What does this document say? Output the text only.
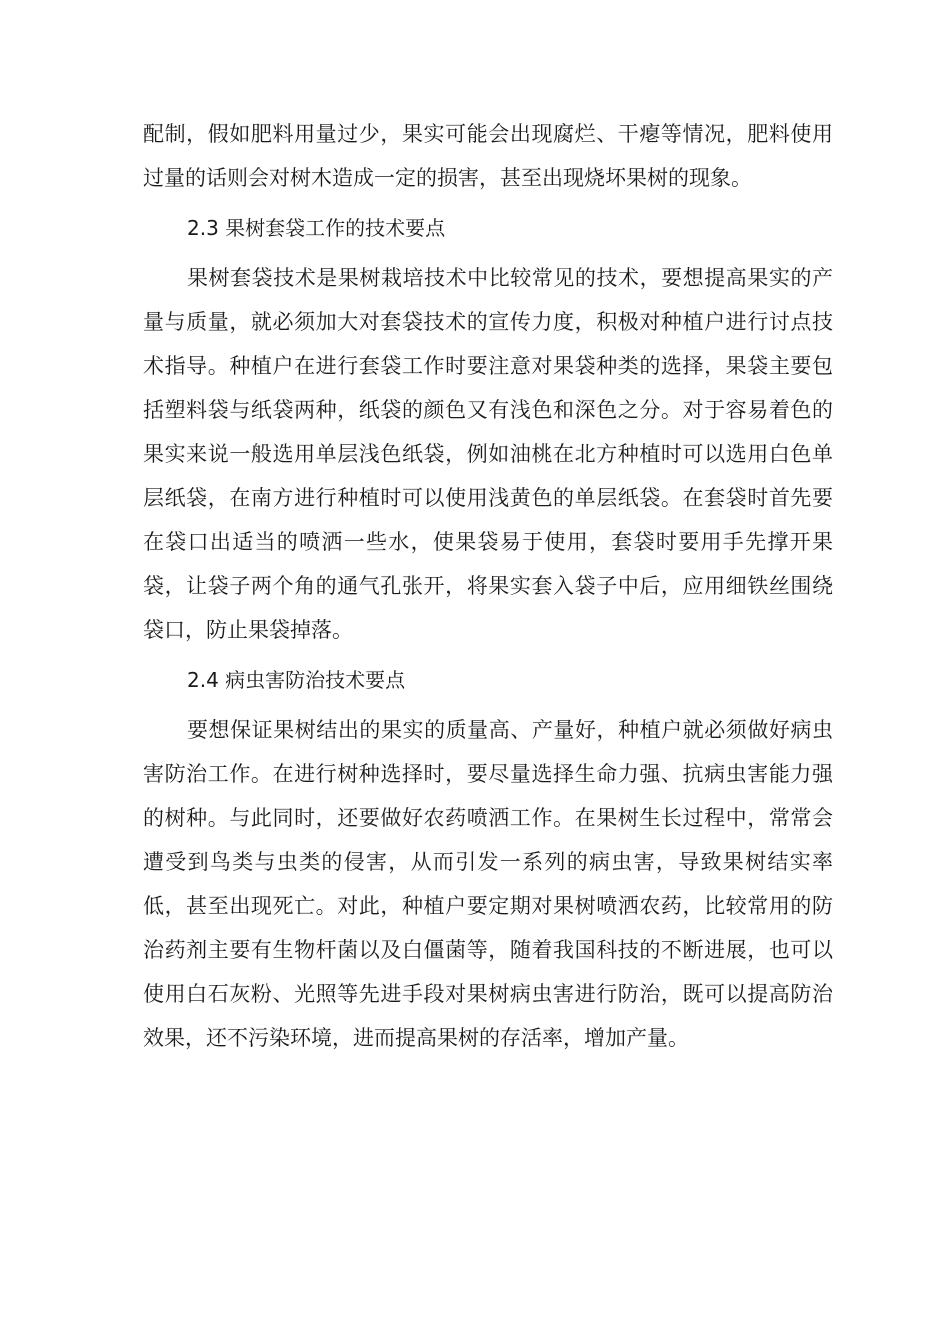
配制，假如肥料用量过少，果实可能会出现腐烂、干瘪等情况，肥料使用过量的话则会对树木造成一定的损害，甚至出现烧坏果树的现象。

2.3 果树套袋工作的技术要点

果树套袋技术是果树栽培技术中比较常见的技术，要想提高果实的产量与质量，就必须加大对套袋技术的宣传力度，积极对种植户进行讨点技术指导。种植户在进行套袋工作时要注意对果袋种类的选择，果袋主要包括塑料袋与纸袋两种，纸袋的颜色又有浅色和深色之分。对于容易着色的果实来说一般选用单层浅色纸袋，例如油桃在北方种植时可以选用白色单层纸袋，在南方进行种植时可以使用浅黄色的单层纸袋。在套袋时首先要在袋口出适当的喷洒一些水，使果袋易于使用，套袋时要用手先撑开果袋，让袋子两个角的通气孔张开，将果实套入袋子中后，应用细铁丝围绕袋口，防止果袋掉落。

2.4 病虫害防治技术要点

要想保证果树结出的果实的质量高、产量好，种植户就必须做好病虫害防治工作。在进行树种选择时，要尽量选择生命力强、抗病虫害能力强的树种。与此同时，还要做好农药喷洒工作。在果树生长过程中，常常会遭受到鸟类与虫类的侵害，从而引发一系列的病虫害，导致果树结实率低，甚至出现死亡。对此，种植户要定期对果树喷洒农药，比较常用的防治药剂主要有生物杆菌以及白僵菌等，随着我国科技的不断进展，也可以使用白石灰粉、光照等先进手段对果树病虫害进行防治，既可以提高防治效果，还不污染环境，进而提高果树的存活率，增加产量。
